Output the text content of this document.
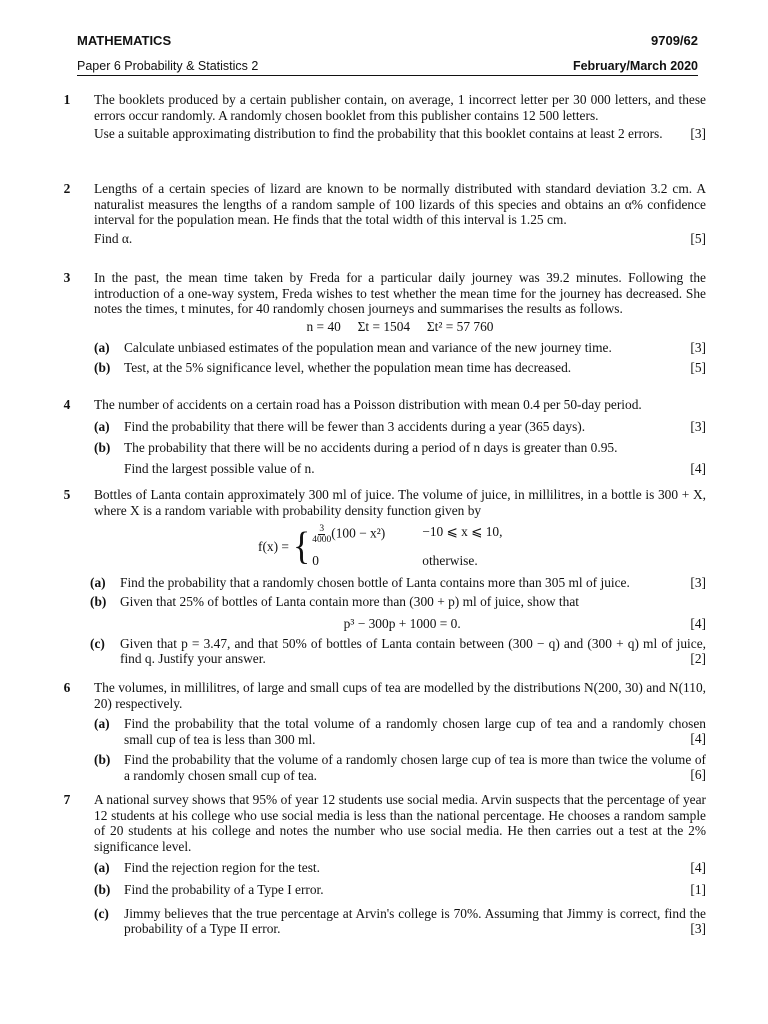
MATHEMATICS	9709/62
Paper 6 Probability & Statistics 2	February/March 2020
1 The booklets produced by a certain publisher contain, on average, 1 incorrect letter per 30 000 letters, and these errors occur randomly. A randomly chosen booklet from this publisher contains 12 500 letters.

Use a suitable approximating distribution to find the probability that this booklet contains at least 2 errors.	[3]
2 Lengths of a certain species of lizard are known to be normally distributed with standard deviation 3.2 cm. A naturalist measures the lengths of a random sample of 100 lizards of this species and obtains an α% confidence interval for the population mean. He finds that the total width of this interval is 1.25 cm.

Find α.	[5]
3 In the past, the mean time taken by Freda for a particular daily journey was 39.2 minutes. Following the introduction of a one-way system, Freda wishes to test whether the mean time for the journey has decreased. She notes the times, t minutes, for 40 randomly chosen journeys and summarises the results as follows.

n = 40     Σt = 1504     Σt² = 57 760
(a)	Calculate unbiased estimates of the population mean and variance of the new journey time.	[3]
(b)	Test, at the 5% significance level, whether the population mean time has decreased.	[5]
4 The number of accidents on a certain road has a Poisson distribution with mean 0.4 per 50-day period.

(a)	Find the probability that there will be fewer than 3 accidents during a year (365 days).	[3]
(b)	The probability that there will be no accidents during a period of n days is greater than 0.95.

Find the largest possible value of n.	[4]
5 Bottles of Lanta contain approximately 300 ml of juice. The volume of juice, in millilitres, in a bottle is 300 + X, where X is a random variable with probability density function given by

f(x) = { $\frac{3}{4000} (100 - x^2)$	−10 ⩽ x ⩽ 10,
0	otherwise.
(a)	Find the probability that a randomly chosen bottle of Lanta contains more than 305 ml of juice.	[3]
(b)	Given that 25% of bottles of Lanta contain more than (300 + p) ml of juice, show that

p³ − 300p + 1000 = 0.	[4]
(c)	Given that p = 3.47, and that 50% of bottles of Lanta contain between (300 − q) and (300 + q) ml of juice, find q. Justify your answer.	[2]
6 The volumes, in millilitres, of large and small cups of tea are modelled by the distributions N(200, 30) and N(110, 20) respectively.

(a)	Find the probability that the total volume of a randomly chosen large cup of tea and a randomly chosen small cup of tea is less than 300 ml.	[4]
(b)	Find the probability that the volume of a randomly chosen large cup of tea is more than twice the volume of a randomly chosen small cup of tea.	[6]
7 A national survey shows that 95% of year 12 students use social media. Arvin suspects that the percentage of year 12 students at his college who use social media is less than the national percentage. He chooses a random sample of 20 students at his college and notes the number who use social media. He then carries out a test at the 2% significance level.

(a)	Find the rejection region for the test.	[4]
(b)	Find the probability of a Type I error.	[1]
(c)	Jimmy believes that the true percentage at Arvin's college is 70%. Assuming that Jimmy is correct, find the probability of a Type II error.	[3]
